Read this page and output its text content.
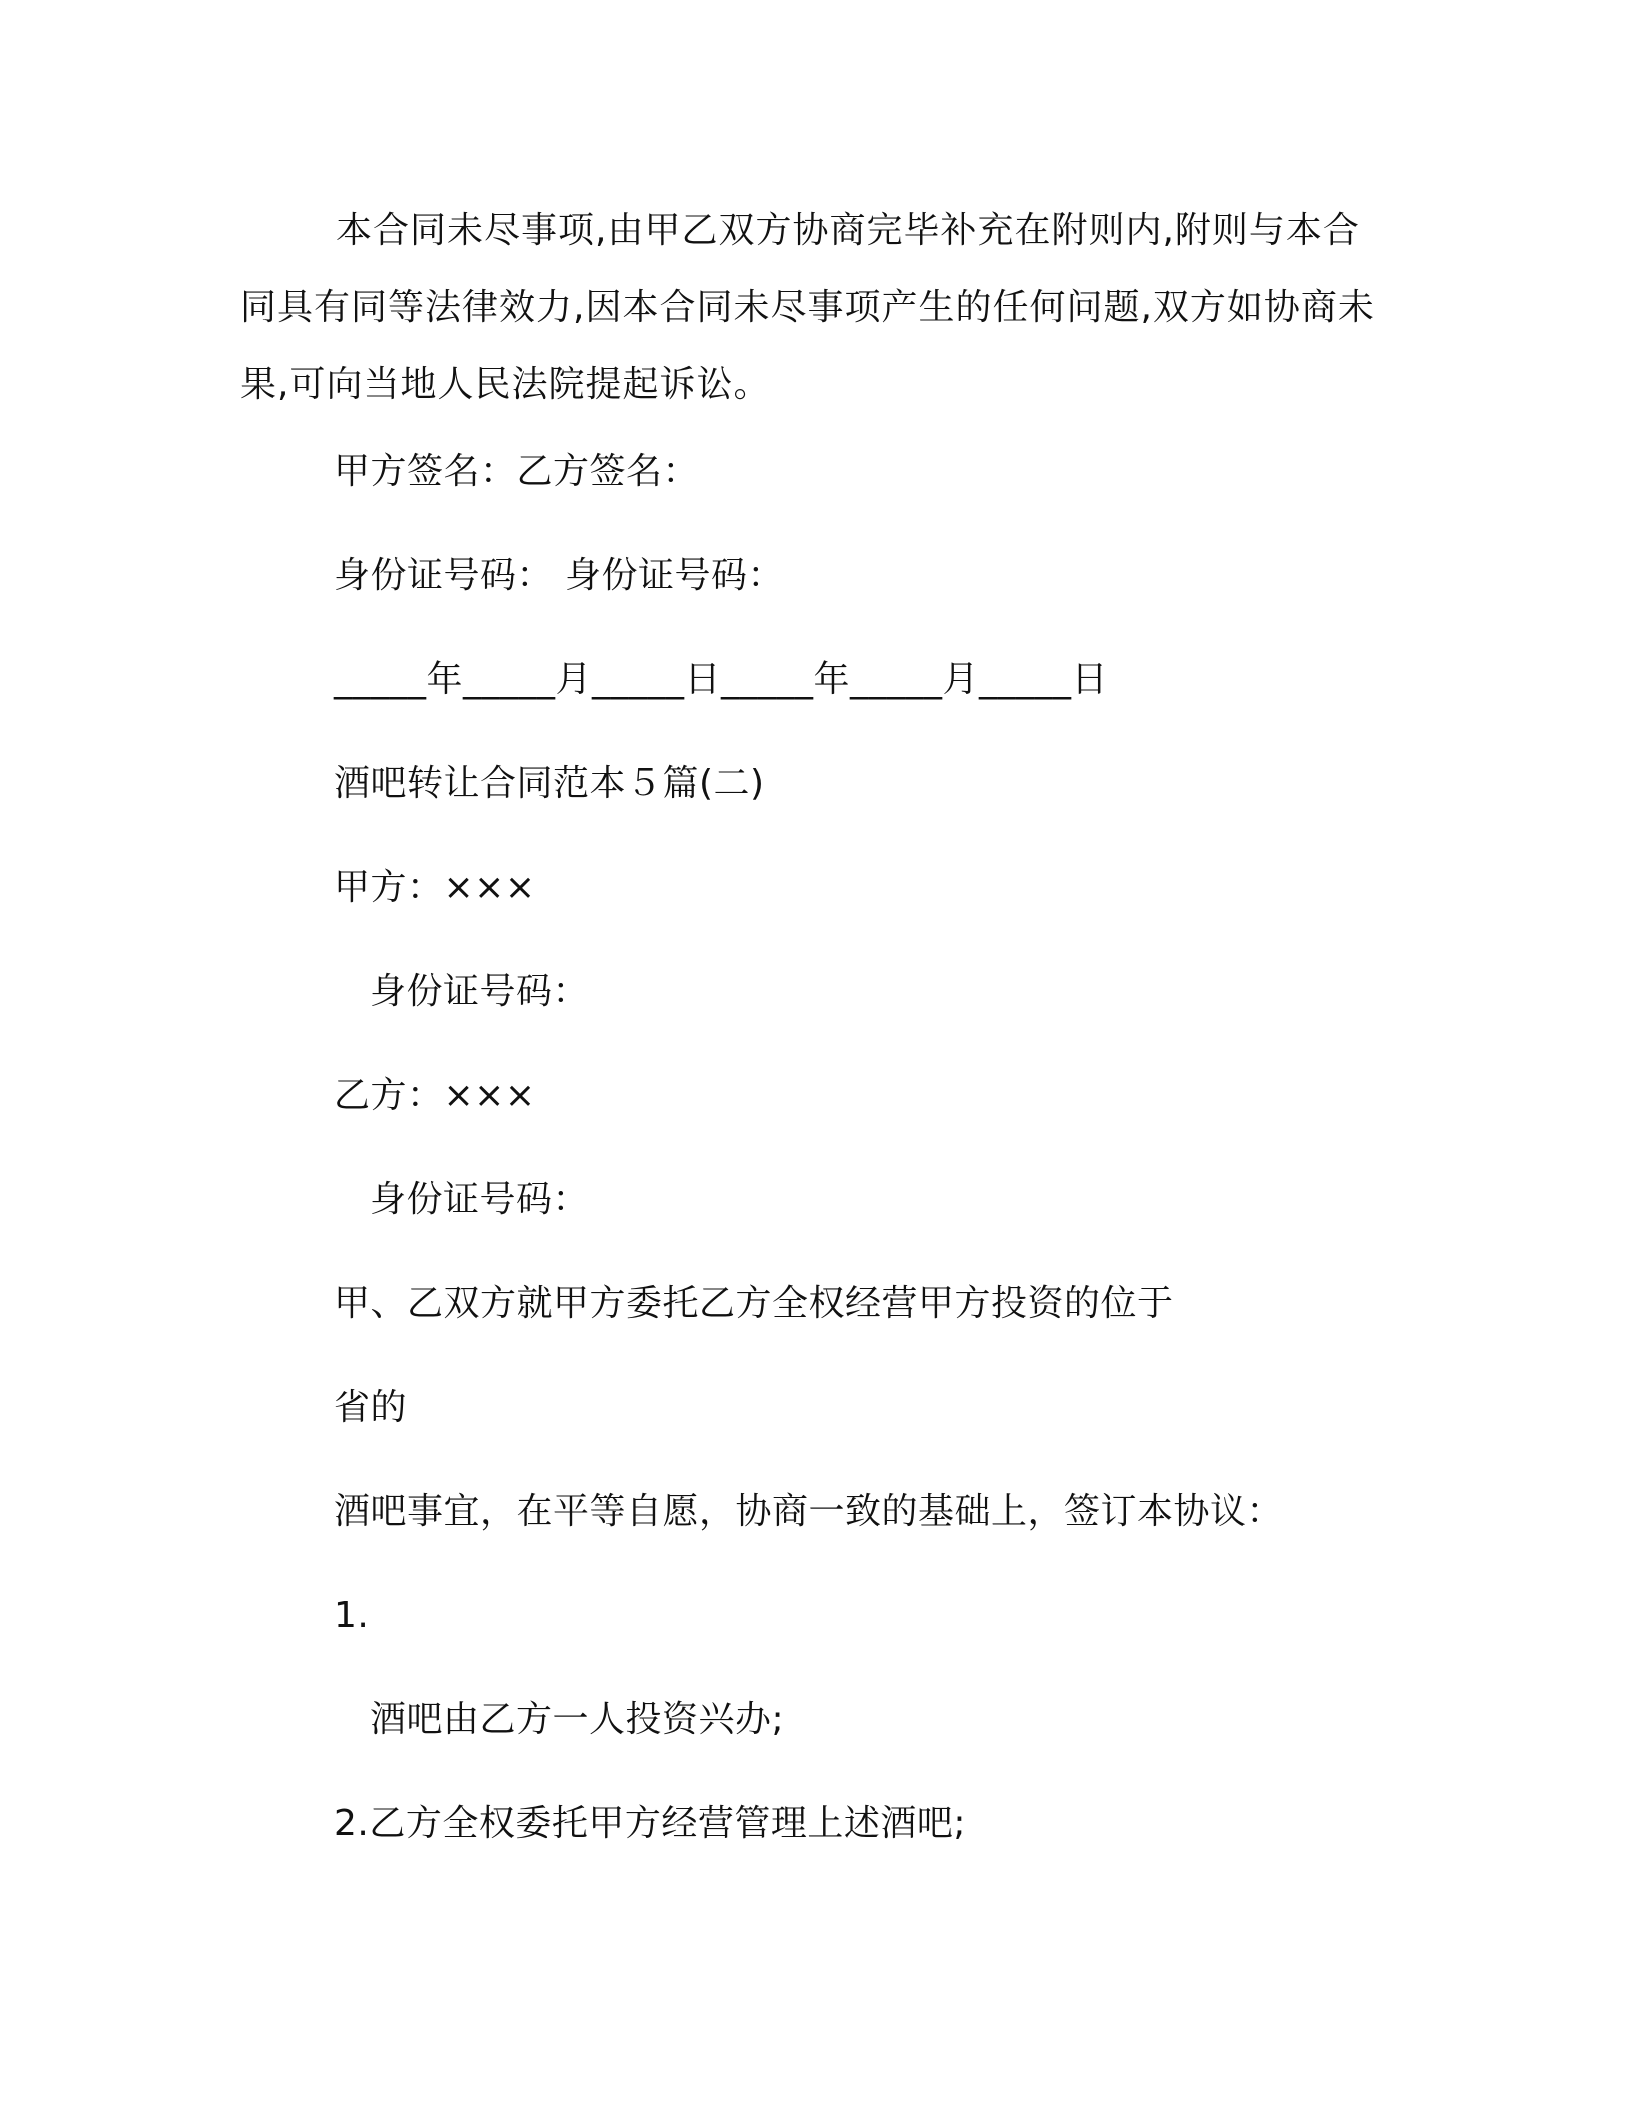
本合同未尽事项,由甲乙双方协商完毕补充在附则内,附则与本合
同具有同等法律效力,因本合同未尽事项产生的任何问题,双方如协商未
果,可向当地人民法院提起诉讼。
甲方签名：乙方签名：
身份证号码： 身份证号码：
_____年_____月_____日_____年_____月_____日
酒吧转让合同范本５篇(二)
甲方：×××
身份证号码：
乙方：×××
身份证号码：
甲、乙双方就甲方委托乙方全权经营甲方投资的位于
省的
酒吧事宜，在平等自愿，协商一致的基础上，签订本协议：
1.
酒吧由乙方一人投资兴办;
2.乙方全权委托甲方经营管理上述酒吧;
